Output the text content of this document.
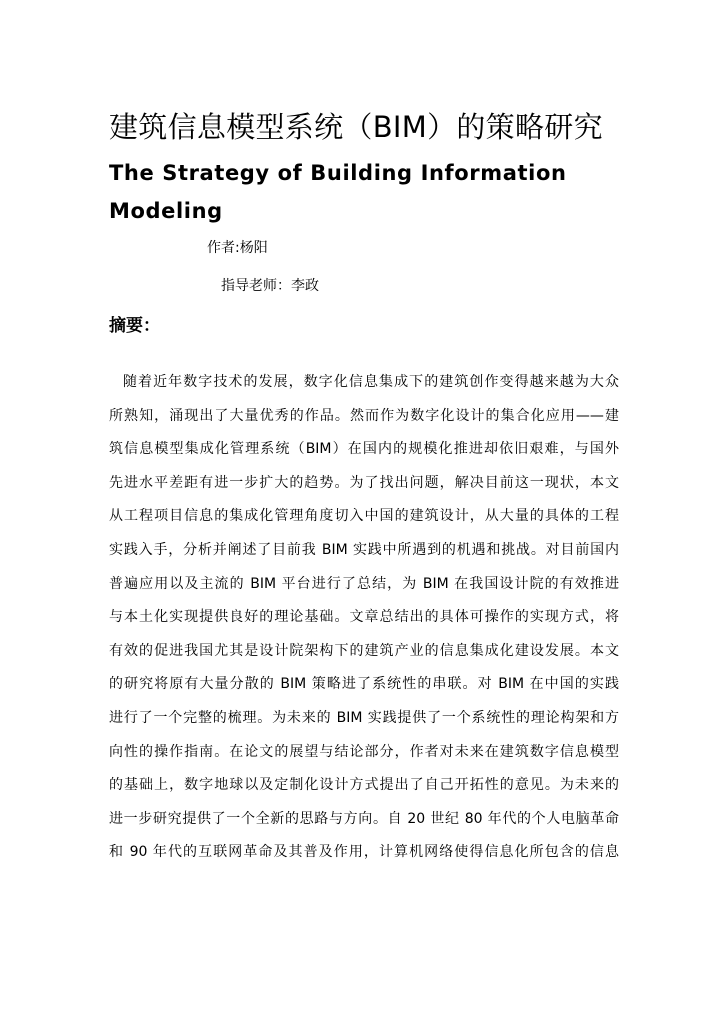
建筑信息模型系统（BIM）的策略研究
The Strategy of Building Information Modeling
作者:杨阳
指导老师：李政
摘要：
随着近年数字技术的发展，数字化信息集成下的建筑创作变得越来越为大众
所熟知，涌现出了大量优秀的作品。然而作为数字化设计的集合化应用——建
筑信息模型集成化管理系统（BIM）在国内的规模化推进却依旧艰难，与国外
先进水平差距有进一步扩大的趋势。为了找出问题，解决目前这一现状，本文
从工程项目信息的集成化管理角度切入中国的建筑设计，从大量的具体的工程
实践入手，分析并阐述了目前我 BIM 实践中所遇到的机遇和挑战。对目前国内
普遍应用以及主流的 BIM 平台进行了总结，为 BIM 在我国设计院的有效推进
与本土化实现提供良好的理论基础。文章总结出的具体可操作的实现方式，将
有效的促进我国尤其是设计院架构下的建筑产业的信息集成化建设发展。本文
的研究将原有大量分散的 BIM 策略进了系统性的串联。对 BIM 在中国的实践
进行了一个完整的梳理。为未来的 BIM 实践提供了一个系统性的理论构架和方
向性的操作指南。在论文的展望与结论部分，作者对未来在建筑数字信息模型
的基础上，数字地球以及定制化设计方式提出了自己开拓性的意见。为未来的
进一步研究提供了一个全新的思路与方向。自 20 世纪 80 年代的个人电脑革命
和 90 年代的互联网革命及其普及作用，计算机网络使得信息化所包含的信息
